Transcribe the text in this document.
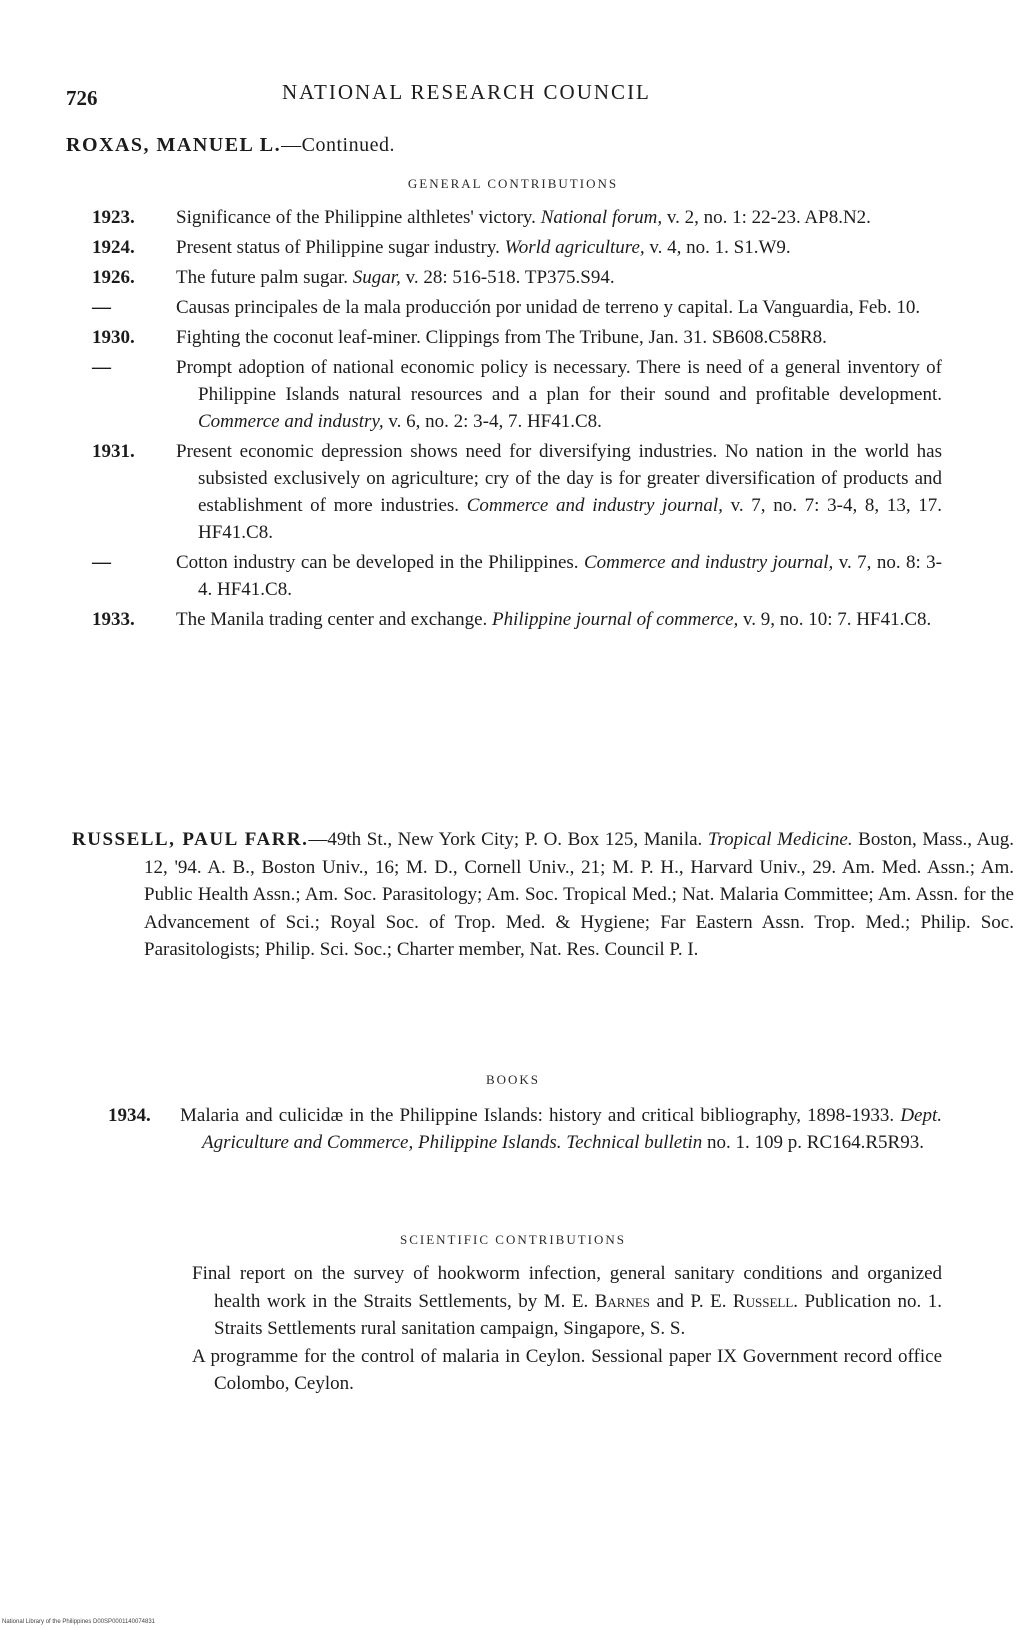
726	NATIONAL RESEARCH COUNCIL
ROXAS, MANUEL L.—Continued.
GENERAL CONTRIBUTIONS
1923. Significance of the Philippine althletes' victory. National forum, v. 2, no. 1: 22-23. AP8.N2.
1924. Present status of Philippine sugar industry. World agriculture, v. 4, no. 1. S1.W9.
1926. The future palm sugar. Sugar, v. 28: 516-518. TP375.S94.
—	Causas principales de la mala producción por unidad de terreno y capital. La Vanguardia, Feb. 10.
1930. Fighting the coconut leaf-miner. Clippings from The Tribune, Jan. 31. SB608.C58R8.
—	Prompt adoption of national economic policy is necessary. There is need of a general inventory of Philippine Islands natural resources and a plan for their sound and profitable development. Commerce and industry, v. 6, no. 2: 3-4, 7. HF41.C8.
1931. Present economic depression shows need for diversifying industries. No nation in the world has subsisted exclusively on agriculture; cry of the day is for greater diversification of products and establishment of more industries. Commerce and industry journal, v. 7, no. 7: 3-4, 8, 13, 17. HF41.C8.
—	Cotton industry can be developed in the Philippines. Commerce and industry journal, v. 7, no. 8: 3-4. HF41.C8.
1933. The Manila trading center and exchange. Philippine journal of commerce, v. 9, no. 10: 7. HF41.C8.
RUSSELL, PAUL FARR.—49th St., New York City; P. O. Box 125, Manila. Tropical Medicine. Boston, Mass., Aug. 12, '94. A. B., Boston Univ., 16; M. D., Cornell Univ., 21; M. P. H., Harvard Univ., 29. Am. Med. Assn.; Am. Public Health Assn.; Am. Soc. Parasitology; Am. Soc. Tropical Med.; Nat. Malaria Committee; Am. Assn. for the Advancement of Sci.; Royal Soc. of Trop. Med. & Hygiene; Far Eastern Assn. Trop. Med.; Philip. Soc. Parasitologists; Philip. Sci. Soc.; Charter member, Nat. Res. Council P. I.
BOOKS
1934. Malaria and culicidæ in the Philippine Islands: history and critical bibliography, 1898-1933. Dept. Agriculture and Commerce, Philippine Islands. Technical bulletin no. 1. 109 p. RC164.R5R93.
SCIENTIFIC CONTRIBUTIONS
Final report on the survey of hookworm infection, general sanitary conditions and organized health work in the Straits Settlements, by M. E. Barnes and P. E. Russell. Publication no. 1. Straits Settlements rural sanitation campaign, Singapore, S. S.
A programme for the control of malaria in Ceylon. Sessional paper IX Government record office Colombo, Ceylon.
National Library of the Philippines D00SP0001140074831
